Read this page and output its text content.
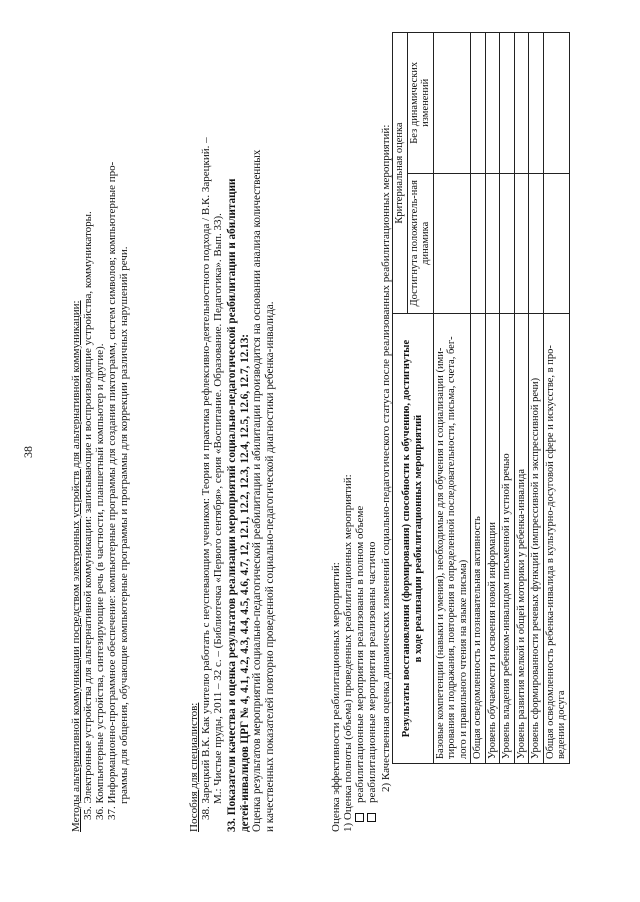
38	Методы альтернативной коммуникации посредством электронных устройств для альтернативной коммуникации: 35. Электронные устройства для альтернативной коммуникации: записывающие и воспроизводящие устройства, коммуникаторы. 36. Компьютерные устройства, синтезирующие речь (в частности, планшетный компьютер и другие). 37. Информационно-программное обеспечение: компьютерные программы для создания пиктограмм, систем символов; компьютерные про- граммы для общения, обучающие компьютерные программы и программы для коррекции различных нарушений речи.	Пособия для специалистов: 38. Зарецкий В.К. Как учителю работать с неуспевающим учеником: Теория и практика рефлексивно-деятельностного подхода / В.К. Зарецкий. – М.: Чистые пруды, 2011 – 32 с. – (Библиотечка «Первого сентября», серия «Воспитание. Образование. Педагогика». Вып. 33). 33. Показатели качества и оценка результатов реализации мероприятий социально-педагогической реабилитации и абилитации детей-инвалидов ЦРГ № 4, 4.1, 4.2, 4.3, 4.4, 4.5, 4.6, 4.7, 12, 12.1, 12.2, 12.3, 12.4, 12.5, 12.6, 12.7, 12.13: Оценка результатов мероприятий социально-педагогической реабилитации и абилитации производится на основании анализа количественных и качественных показателей повторно проведенной социально-педагогической диагностики ребенка-инвалида.	Оценка эффективности реабилитационных мероприятий: 1) Оценка полноты (объема) проведенных реабилитационных мероприятий: реабилитационные мероприятия реализованы в полном объеме реабилитационные мероприятия реализованы частично 2) Качественная оценка динамических изменений социально-педагогического статуса после реализованных реабилитационных мероприятий: Результаты восстановления (формирования) способности к обучению, достигнутые в ходе реализации реабилитационных мероприятий	Критериальная оценка	
	Достигнута положитель-ная динамика	Без динамических изменений
Базовые компетенции (навыки и умения), необходимые для обучения и социализации (ими-тирования и подражания, повторения в определенной последовательности, письма, счета, бег-лого и правильного чтения на языке письма)		
Общая осведомленность и познавательная активность		
Уровень обучаемости и освоения новой информации		
Уровень владения ребенком-инвалидом письменной и устной речью		
Уровень развития мелкой и общей моторики у ребенка-инвалида		
Уровень сформированности речевых функций (импрессивной и экспрессивной речи)		
Общая осведомленность ребенка-инвалида в культурно-досуговой сфере и искусстве, в про-ведении досуга		
